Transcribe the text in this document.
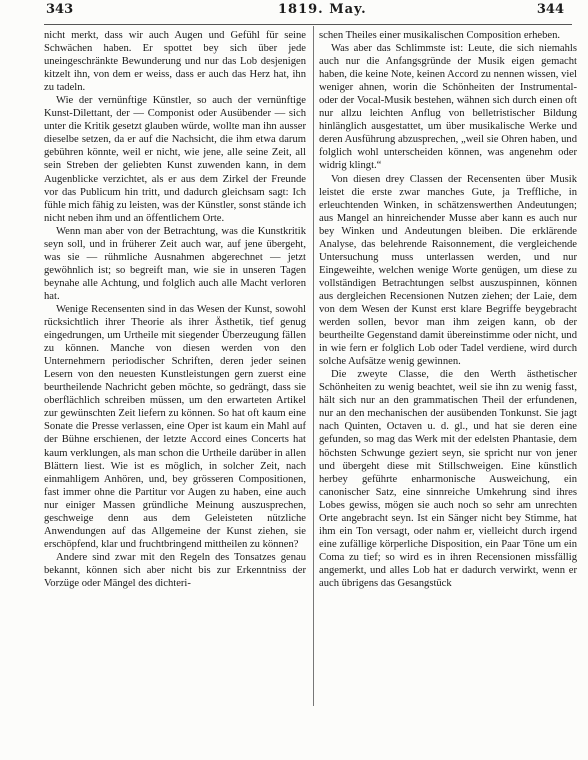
343	1819. May.	344

nicht merkt, dass wir auch Augen und Gefühl für seine Schwächen haben. Er spottet bey sich über jede uneingeschränkte Bewunderung und nur das Lob desjenigen kitzelt ihn, von dem er weiss, dass er auch das Herz hat, ihn zu tadeln.

Wie der vernünftige Künstler, so auch der vernünftige Kunst-Dilettant, der — Componist oder Ausübender — sich unter die Kritik gesetzt glauben würde, wollte man ihn ausser dieselbe setzen, da er auf die Nachsicht, die ihm etwa darum gebühren könnte, weil er nicht, wie jene, alle seine Zeit, all sein Streben der geliebten Kunst zuwenden kann, in dem Augenblicke verzichtet, als er aus dem Zirkel der Freunde vor das Publicum hin tritt, und dadurch gleichsam sagt: Ich fühle mich fähig zu leisten, was der Künstler, sonst stände ich nicht neben ihm und an öffentlichem Orte.

Wenn man aber von der Betrachtung, was die Kunstkritik seyn soll, und in früherer Zeit auch war, auf jene übergeht, was sie — rühmliche Ausnahmen abgerechnet — jetzt gewöhnlich ist; so begreift man, wie sie in unseren Tagen beynahe alle Achtung, und folglich auch alle Macht verloren hat.

Wenige Recensenten sind in das Wesen der Kunst, sowohl rücksichtlich ihrer Theorie als ihrer Ästhetik, tief genug eingedrungen, um Urtheile mit siegender Überzeugung fällen zu können. Manche von diesen werden von den Unternehmern periodischer Schriften, deren jeder seinen Lesern von den neuesten Kunstleistungen gern zuerst eine beurtheilende Nachricht geben möchte, so gedrängt, dass sie oberflächlich schreiben müssen, um den erwarteten Artikel zur gewünschten Zeit liefern zu können. So hat oft kaum eine Sonate die Presse verlassen, eine Oper ist kaum ein Mahl auf der Bühne erschienen, der letzte Accord eines Concerts hat kaum verklungen, als man schon die Urtheile darüber in allen Blättern liest. Wie ist es möglich, in solcher Zeit, nach einmahligem Anhören, und, bey grösseren Compositionen, fast immer ohne die Partitur vor Augen zu haben, eine auch nur einiger Massen gründliche Meinung auszusprechen, geschweige denn aus dem Geleisteten nützliche Anwendungen auf das Allgemeine der Kunst ziehen, sie erschöpfend, klar und fruchtbringend mittheilen zu können?

Andere sind zwar mit den Regeln des Tonsatzes genau bekannt, können sich aber nicht bis zur Erkenntniss der Vorzüge oder Mängel des dichteri-

schen Theiles einer musikalischen Composition erheben.

Was aber das Schlimmste ist: Leute, die sich niemahls auch nur die Anfangsgründe der Musik eigen gemacht haben, die keine Note, keinen Accord zu nennen wissen, viel weniger ahnen, worin die Schönheiten der Instrumental- oder der Vocal-Musik bestehen, wähnen sich durch einen oft nur allzu leichten Anflug von belletristischer Bildung hinlänglich ausgestattet, um über musikalische Werke und deren Ausführung abzusprechen, „weil sie Ohren haben, und folglich wohl unterscheiden können, was angenehm oder widrig klingt.“

Von diesen drey Classen der Recensenten über Musik leistet die erste zwar manches Gute, ja Treffliche, in erleuchtenden Winken, in schätzenswerthen Andeutungen; aus Mangel an hinreichender Musse aber kann es auch nur bey Winken und Andeutungen bleiben. Die erklärende Analyse, das belehrende Raisonnement, die vergleichende Untersuchung muss unterlassen werden, und nur Eingeweihte, welchen wenige Worte genügen, um diese zu vollständigen Betrachtungen selbst auszuspinnen, können aus dergleichen Recensionen Nutzen ziehen; der Laie, dem von dem Wesen der Kunst erst klare Begriffe beygebracht werden sollen, bevor man ihm zeigen kann, ob der beurtheilte Gegenstand damit übereinstimme oder nicht, und in wie fern er folglich Lob oder Tadel verdiene, wird durch solche Aufsätze wenig gewinnen.

Die zweyte Classe, die den Werth ästhetischer Schönheiten zu wenig beachtet, weil sie ihn zu wenig fasst, hält sich nur an den grammatischen Theil der erfundenen, nur an den mechanischen der ausübenden Tonkunst. Sie jagt nach Quinten, Octaven u. d. gl., und hat sie deren eine gefunden, so mag das Werk mit der edelsten Phantasie, dem höchsten Schwunge geziert seyn, sie spricht nur von jener und übergeht diese mit Stillschweigen. Eine künstlich herbey geführte enharmonische Ausweichung, ein canonischer Satz, eine sinnreiche Umkehrung sind ihres Lobes gewiss, mögen sie auch noch so sehr am unrechten Orte angebracht seyn. Ist ein Sänger nicht bey Stimme, hat ihm ein Ton versagt, oder nahm er, vielleicht durch irgend eine zufällige körperliche Disposition, ein Paar Töne um ein Coma zu tief; so wird es in ihren Recensionen missfällig angemerkt, und alles Lob hat er dadurch verwirkt, wenn er auch übrigens das Gesangstück
